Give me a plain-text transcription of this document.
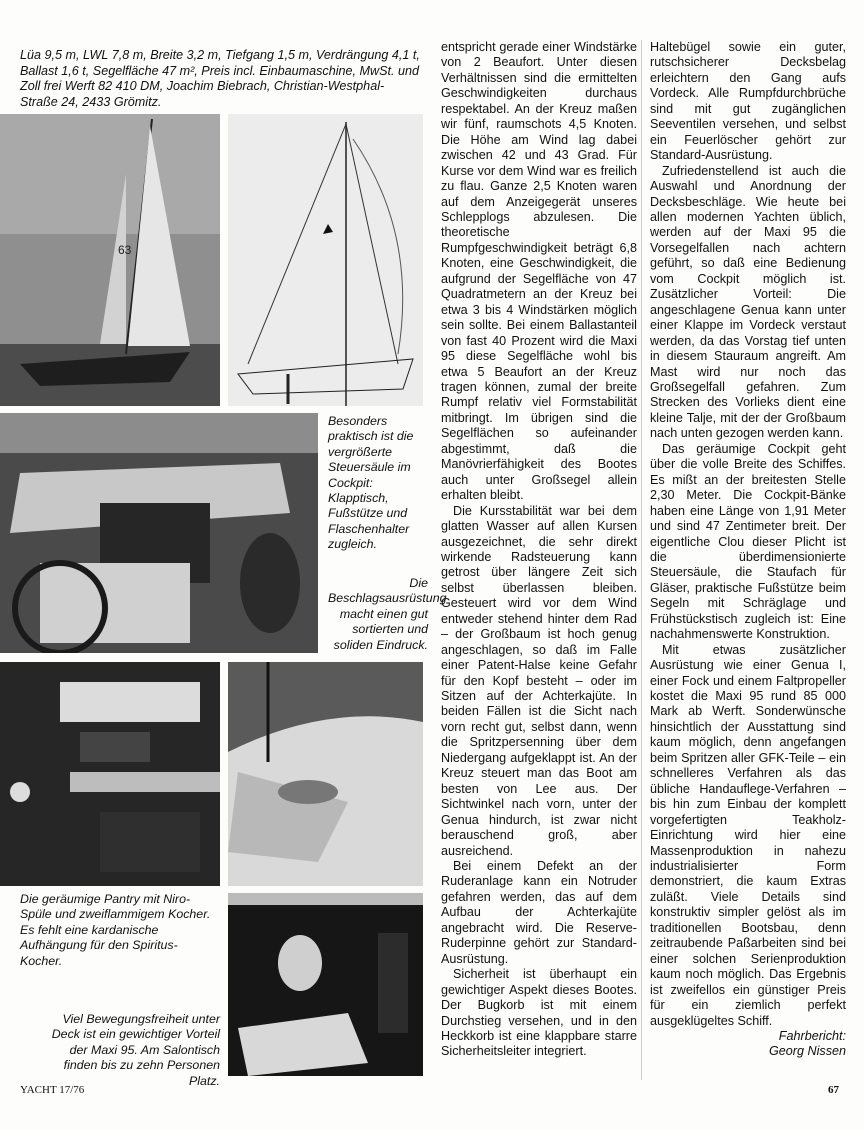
Lüa 9,5 m, LWL 7,8 m, Breite 3,2 m, Tiefgang 1,5 m, Verdrängung 4,1 t, Ballast 1,6 t, Segelfläche 47 m², Preis incl. Einbaumaschine, MwSt. und Zoll frei Werft 82 410 DM, Joachim Biebrach, Christian-Westphal-Straße 24, 2433 Grömitz.

63

Besonders praktisch ist die vergrößerte Steuersäule im Cockpit: Klapptisch, Fußstütze und Flaschenhalter zugleich.

Die Beschlagsausrüstung macht einen gut sortierten und soliden Eindruck.

Die geräumige Pantry mit Niro-Spüle und zweiflammigem Kocher. Es fehlt eine kardanische Aufhängung für den Spiritus-Kocher.

Viel Bewegungsfreiheit unter Deck ist ein gewichtiger Vorteil der Maxi 95. Am Salontisch finden bis zu zehn Personen Platz.

entspricht gerade einer Windstärke von 2 Beaufort. Unter diesen Verhältnissen sind die ermittelten Geschwindigkeiten durchaus respektabel. An der Kreuz maßen wir fünf, raumschots 4,5 Knoten. Die Höhe am Wind lag dabei zwischen 42 und 43 Grad. Für Kurse vor dem Wind war es freilich zu flau. Ganze 2,5 Knoten waren auf dem Anzeigegerät unseres Schlepplogs abzulesen. Die theoretische Rumpfgeschwindigkeit beträgt 6,8 Knoten, eine Geschwindigkeit, die aufgrund der Segelfläche von 47 Quadratmetern an der Kreuz bei etwa 3 bis 4 Windstärken möglich sein sollte. Bei einem Ballastanteil von fast 40 Prozent wird die Maxi 95 diese Segelfläche wohl bis etwa 5 Beaufort an der Kreuz tragen können, zumal der breite Rumpf relativ viel Formstabilität mitbringt. Im übrigen sind die Segelflächen so aufeinander abgestimmt, daß die Manövrierfähigkeit des Bootes auch unter Großsegel allein erhalten bleibt.

Die Kursstabilität war bei dem glatten Wasser auf allen Kursen ausgezeichnet, die sehr direkt wirkende Radsteuerung kann getrost über längere Zeit sich selbst überlassen bleiben. Gesteuert wird vor dem Wind entweder stehend hinter dem Rad – der Großbaum ist hoch genug angeschlagen, so daß im Falle einer Patent-Halse keine Gefahr für den Kopf besteht – oder im Sitzen auf der Achterkajüte. In beiden Fällen ist die Sicht nach vorn recht gut, selbst dann, wenn die Spritzpersenning über dem Niedergang aufgeklappt ist. An der Kreuz steuert man das Boot am besten von Lee aus. Der Sichtwinkel nach vorn, unter der Genua hindurch, ist zwar nicht berauschend groß, aber ausreichend.

Bei einem Defekt an der Ruderanlage kann ein Notruder gefahren werden, das auf dem Aufbau der Achterkajüte angebracht wird. Die Reserve-Ruderpinne gehört zur Standard-Ausrüstung.

Sicherheit ist überhaupt ein gewichtiger Aspekt dieses Bootes. Der Bugkorb ist mit einem Durchstieg versehen, und in den Heckkorb ist eine klappbare starre Sicherheitsleiter integriert.

Haltebügel sowie ein guter, rutschsicherer Decksbelag erleichtern den Gang aufs Vordeck. Alle Rumpfdurchbrüche sind mit gut zugänglichen Seeventilen versehen, und selbst ein Feuerlöscher gehört zur Standard-Ausrüstung.

Zufriedenstellend ist auch die Auswahl und Anordnung der Decksbeschläge. Wie heute bei allen modernen Yachten üblich, werden auf der Maxi 95 die Vorsegelfallen nach achtern geführt, so daß eine Bedienung vom Cockpit möglich ist. Zusätzlicher Vorteil: Die angeschlagene Genua kann unter einer Klappe im Vordeck verstaut werden, da das Vorstag tief unten in diesem Stauraum angreift. Am Mast wird nur noch das Großsegelfall gefahren. Zum Strecken des Vorlieks dient eine kleine Talje, mit der der Großbaum nach unten gezogen werden kann.

Das geräumige Cockpit geht über die volle Breite des Schiffes. Es mißt an der breitesten Stelle 2,30 Meter. Die Cockpit-Bänke haben eine Länge von 1,91 Meter und sind 47 Zentimeter breit. Der eigentliche Clou dieser Plicht ist die überdimensionierte Steuersäule, die Staufach für Gläser, praktische Fußstütze beim Segeln mit Schräglage und Frühstückstisch zugleich ist: Eine nachahmenswerte Konstruktion.

Mit etwas zusätzlicher Ausrüstung wie einer Genua I, einer Fock und einem Faltpropeller kostet die Maxi 95 rund 85 000 Mark ab Werft. Sonderwünsche hinsichtlich der Ausstattung sind kaum möglich, denn angefangen beim Spritzen aller GFK-Teile – ein schnelleres Verfahren als das übliche Handauflege-Verfahren – bis hin zum Einbau der komplett vorgefertigten Teakholz-Einrichtung wird hier eine Massenproduktion in nahezu industrialisierter Form demonstriert, die kaum Extras zuläßt. Viele Details sind konstruktiv simpler gelöst als im traditionellen Bootsbau, denn zeitraubende Paßarbeiten sind bei einer solchen Serienproduktion kaum noch möglich. Das Ergebnis ist zweifellos ein günstiger Preis für ein ziemlich perfekt ausgeklügeltes Schiff.

Fahrbericht:

Georg Nissen

YACHT 17/76	67
